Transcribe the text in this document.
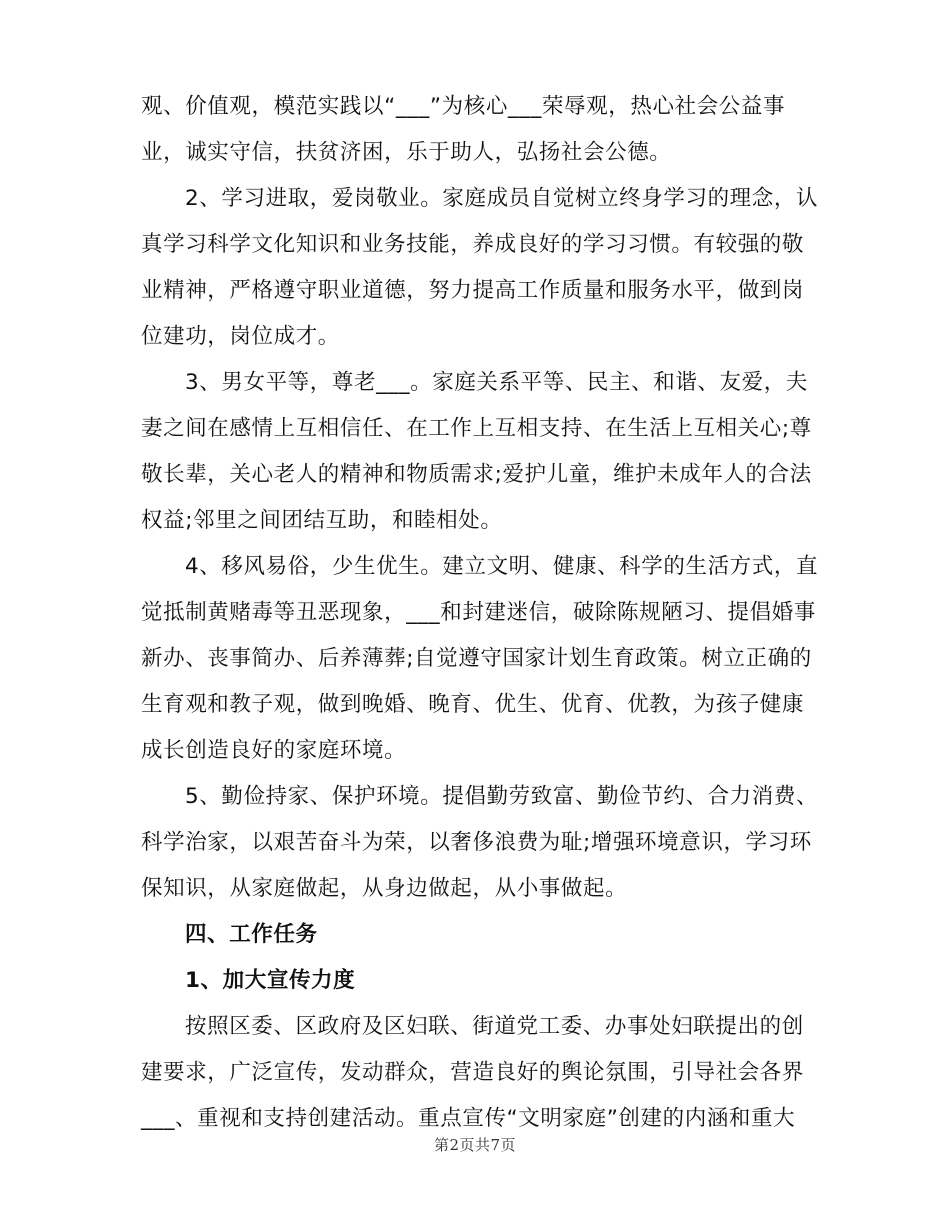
观、价值观，模范实践以“___”为核心___荣辱观，热心社会公益事
业，诚实守信，扶贫济困，乐于助人，弘扬社会公德。
2、学习进取，爱岗敬业。家庭成员自觉树立终身学习的理念，认
真学习科学文化知识和业务技能，养成良好的学习习惯。有较强的敬
业精神，严格遵守职业道德，努力提高工作质量和服务水平，做到岗
位建功，岗位成才。
3、男女平等，尊老___。家庭关系平等、民主、和谐、友爱，夫
妻之间在感情上互相信任、在工作上互相支持、在生活上互相关心;尊
敬长辈，关心老人的精神和物质需求;爱护儿童，维护未成年人的合法
权益;邻里之间团结互助，和睦相处。
4、移风易俗，少生优生。建立文明、健康、科学的生活方式，直
觉抵制黄赌毒等丑恶现象，___和封建迷信，破除陈规陋习、提倡婚事
新办、丧事简办、后养薄葬;自觉遵守国家计划生育政策。树立正确的
生育观和教子观，做到晚婚、晚育、优生、优育、优教，为孩子健康
成长创造良好的家庭环境。
5、勤俭持家、保护环境。提倡勤劳致富、勤俭节约、合力消费、
科学治家，以艰苦奋斗为荣，以奢侈浪费为耻;增强环境意识，学习环
保知识，从家庭做起，从身边做起，从小事做起。
四、工作任务
1、加大宣传力度
按照区委、区政府及区妇联、街道党工委、办事处妇联提出的创
建要求，广泛宣传，发动群众，营造良好的舆论氛围，引导社会各界
___、重视和支持创建活动。重点宣传“文明家庭”创建的内涵和重大
第2页共7页
